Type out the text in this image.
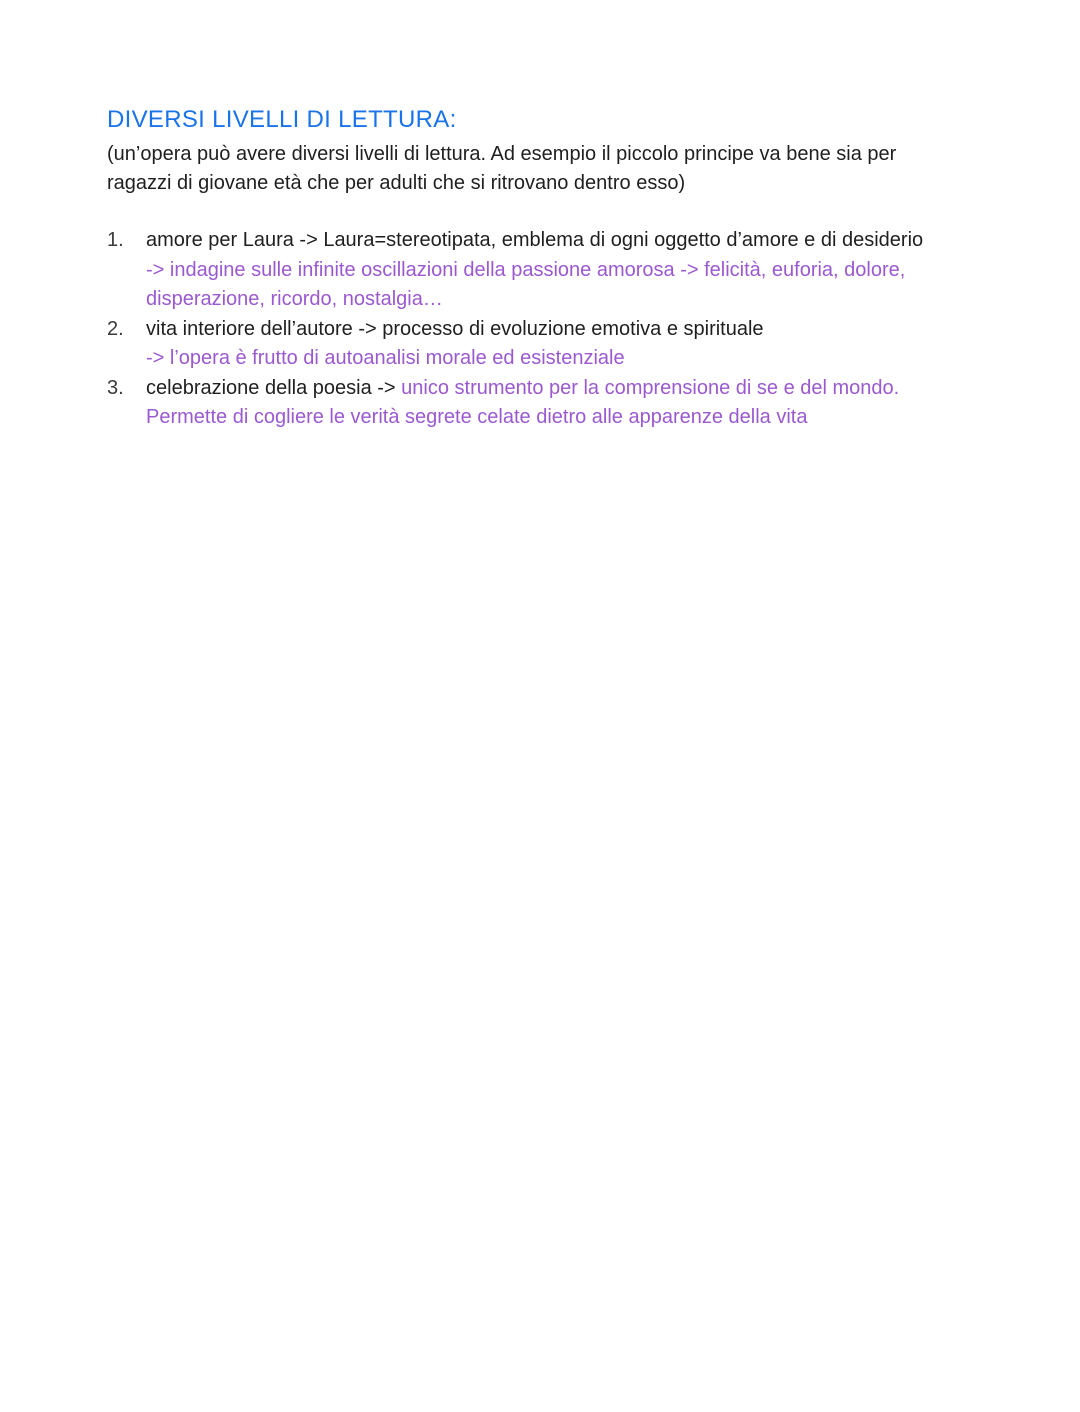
DIVERSI LIVELLI DI LETTURA:

(un’opera può avere diversi livelli di lettura. Ad esempio il piccolo principe va bene sia per
ragazzi di giovane età che per adulti che si ritrovano dentro esso)

1. amore per Laura -> Laura=stereotipata, emblema di ogni oggetto d’amore e di desiderio
-> indagine sulle infinite oscillazioni della passione amorosa -> felicità, euforia, dolore,
disperazione, ricordo, nostalgia…
2. vita interiore dell’autore -> processo di evoluzione emotiva e spirituale
-> l’opera è frutto di autoanalisi morale ed esistenziale
3. celebrazione della poesia -> unico strumento per la comprensione di se e del mondo.
Permette di cogliere le verità segrete celate dietro alle apparenze della vita
